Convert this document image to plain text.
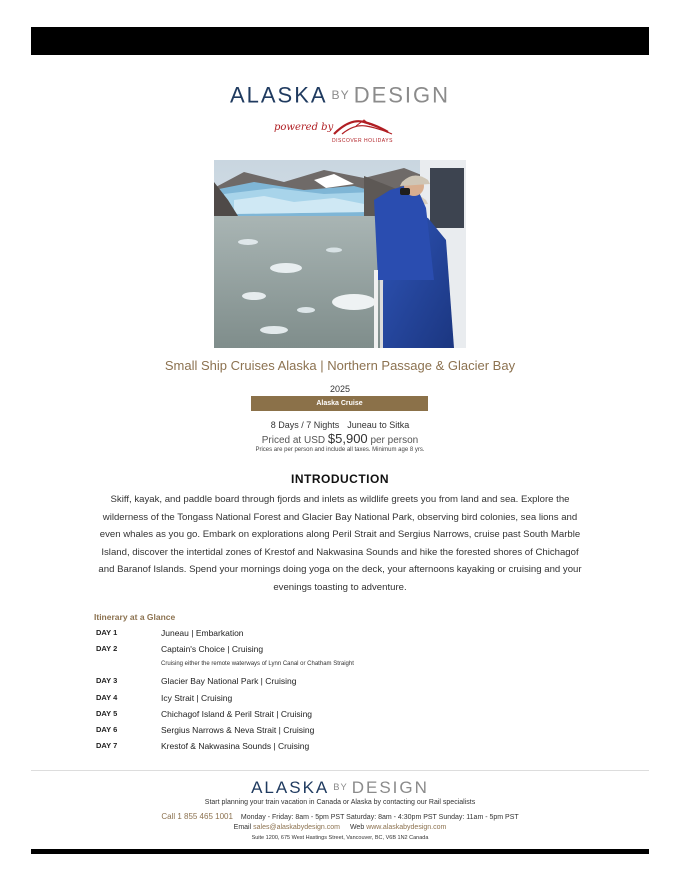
ALASKA BY DESIGN
powered by
DISCOVER HOLIDAYS
Small Ship Cruises Alaska | Northern Passage & Glacier Bay
2025
Alaska Cruise
8 Days / 7 Nights Juneau to Sitka
Priced at USD $5,900 per person
Prices are per person and include all taxes. Minimum age 8 yrs.
INTRODUCTION
Skiff, kayak, and paddle board through fjords and inlets as wildlife greets you from land and sea. Explore the wilderness of the Tongass National Forest and Glacier Bay National Park, observing bird colonies, sea lions and even whales as you go. Embark on explorations along Peril Strait and Sergius Narrows, cruise past South Marble Island, discover the intertidal zones of Krestof and Nakwasina Sounds and hike the forested shores of Chichagof and Baranof Islands. Spend your mornings doing yoga on the deck, your afternoons kayaking or cruising and your evenings toasting to adventure.
Itinerary at a Glance
DAY 1	Juneau | Embarkation
DAY 2	Captain's Choice | Cruising
Cruising either the remote waterways of Lynn Canal or Chatham Straight
DAY 3	Glacier Bay National Park | Cruising
DAY 4	Icy Strait | Cruising
DAY 5	Chichagof Island & Peril Strait | Cruising
DAY 6	Sergius Narrows & Neva Strait | Cruising
DAY 7	Krestof & Nakwasina Sounds | Cruising
ALASKA BY DESIGN
Start planning your train vacation in Canada or Alaska by contacting our Rail specialists
Call 1 855 465 1001 Monday - Friday: 8am - 5pm PST Saturday: 8am - 4:30pm PST Sunday: 11am - 5pm PST
Email sales@alaskabydesign.com Web www.alaskabydesign.com
Suite 1200, 675 West Hastings Street, Vancouver, BC, V6B 1N2 Canada
